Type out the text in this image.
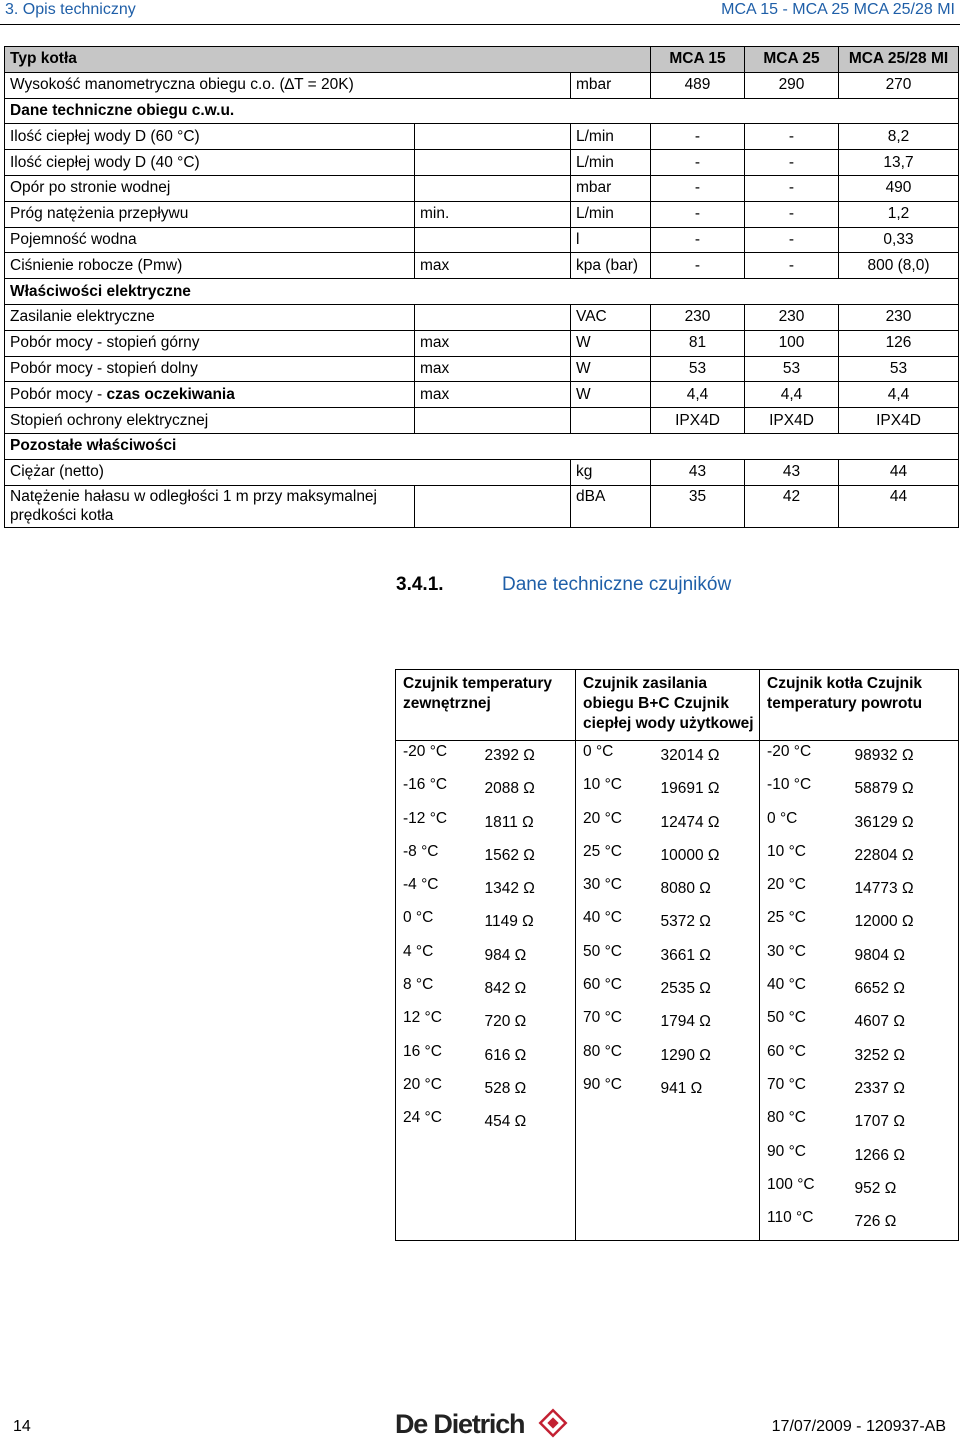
3. Opis techniczny	MCA 15 - MCA 25 MCA 25/28 MI
Typ kotła			MCA 15	MCA 25	MCA 25/28 MI
Wysokość manometryczna obiegu c.o. (∆T = 20K)		mbar	489	290	270
Dane techniczne obiegu c.w.u.					
Ilość ciepłej wody D (60 °C)		L/min	-	-	8,2
Ilość ciepłej wody D (40 °C)		L/min	-	-	13,7
Opór po stronie wodnej		mbar	-	-	490
Próg natężenia przepływu	min.	L/min	-	-	1,2
Pojemność wodna		l	-	-	0,33
Ciśnienie robocze (Pmw)	max	kpa (bar)	-	-	800 (8,0)
Właściwości elektryczne					
Zasilanie elektryczne		VAC	230	230	230
Pobór mocy - stopień górny	max	W	81	100	126
Pobór mocy - stopień dolny	max	W	53	53	53
Pobór mocy - czas oczekiwania	max	W	4,4	4,4	4,4
Stopień ochrony elektrycznej			IPX4D	IPX4D	IPX4D
Pozostałe właściwości					
Ciężar (netto)		kg	43	43	44
Natężenie hałasu w odległości 1 m przy maksymalnej prędkości kotła		dBA	35	42	44
3.4.1.	Dane techniczne czujników
Czujnik temperatury zewnętrznej		Czujnik zasilania obiegu B+C Czujnik ciepłej wody użytkowej		Czujnik kotła Czujnik temperatury powrotu	
-20 °C	2392 Ω	0 °C	32014 Ω	-20 °C	98932 Ω
-16 °C	2088 Ω	10 °C	19691 Ω	-10 °C	58879 Ω
-12 °C	1811 Ω	20 °C	12474 Ω	0 °C	36129 Ω
-8 °C	1562 Ω	25 °C	10000 Ω	10 °C	22804 Ω
-4 °C	1342 Ω	30 °C	8080 Ω	20 °C	14773 Ω
0 °C	1149 Ω	40 °C	5372 Ω	25 °C	12000 Ω
4 °C	984 Ω	50 °C	3661 Ω	30 °C	9804 Ω
8 °C	842 Ω	60 °C	2535 Ω	40 °C	6652 Ω
12 °C	720 Ω	70 °C	1794 Ω	50 °C	4607 Ω
16 °C	616 Ω	80 °C	1290 Ω	60 °C	3252 Ω
20 °C	528 Ω	90 °C	941 Ω	70 °C	2337 Ω
24 °C	454 Ω			80 °C	1707 Ω
				90 °C	1266 Ω
				100 °C	952 Ω
				110 °C	726 Ω
14	De Dietrich	17/07/2009 - 120937-AB
